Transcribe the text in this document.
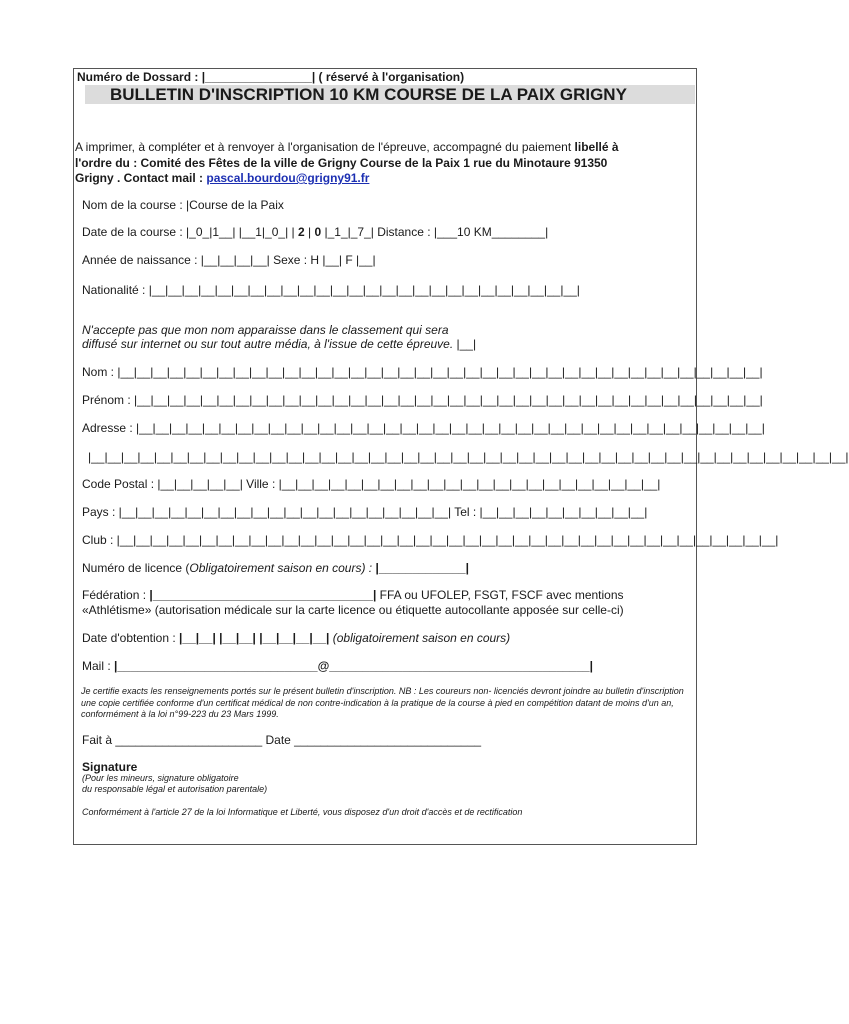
Numéro de Dossard : |________________| ( réservé à l'organisation)
BULLETIN D'INSCRIPTION 10 KM COURSE DE LA PAIX GRIGNY
A imprimer, à compléter et à renvoyer à l'organisation de l'épreuve, accompagné du paiement libellé à
l'ordre du : Comité des Fêtes de la ville de Grigny Course de la Paix 1 rue du Minotaure 91350
Grigny . Contact mail : pascal.bourdou@grigny91.fr
Nom de la course : |Course de la Paix
Date de la course : |_0_|1__| |__1|_0_| | 2 | 0 |_1_|_7_| Distance : |___10 KM________|
Année de naissance : |__|__|__|__| Sexe : H |__| F |__|
Nationalité : |__|__|__|__|__|__|__|__|__|__|__|__|__|__|__|__|__|__|__|__|__|__|__|__|__|__|
N'accepte pas que mon nom apparaisse dans le classement qui sera
diffusé sur internet ou sur tout autre média, à l'issue de cette épreuve. |__|
Nom : |__|__|__|__|__|__|__|__|__|__|__|__|__|__|__|__|__|__|__|__|__|__|__|__|__|__|__|__|__|__|__|__|__|__|__|__|__|__|__|
Prénom : |__|__|__|__|__|__|__|__|__|__|__|__|__|__|__|__|__|__|__|__|__|__|__|__|__|__|__|__|__|__|__|__|__|__|__|__|__|__|
Adresse : |__|__|__|__|__|__|__|__|__|__|__|__|__|__|__|__|__|__|__|__|__|__|__|__|__|__|__|__|__|__|__|__|__|__|__|__|__|__|
|__|__|__|__|__|__|__|__|__|__|__|__|__|__|__|__|__|__|__|__|__|__|__|__|__|__|__|__|__|__|__|__|__|__|__|__|__|__|__|__|__|__|__|__|__|__|
Code Postal : |__|__|__|__|__| Ville : |__|__|__|__|__|__|__|__|__|__|__|__|__|__|__|__|__|__|__|__|__|__|__|
Pays : |__|__|__|__|__|__|__|__|__|__|__|__|__|__|__|__|__|__|__|__| Tel : |__|__|__|__|__|__|__|__|__|__|
Club : |__|__|__|__|__|__|__|__|__|__|__|__|__|__|__|__|__|__|__|__|__|__|__|__|__|__|__|__|__|__|__|__|__|__|__|__|__|__|__|__|
Numéro de licence (Obligatoirement saison en cours) : |_____________|
Fédération : |_________________________________| FFA ou UFOLEP, FSGT, FSCF avec mentions
«Athlétisme» (autorisation médicale sur la carte licence ou étiquette autocollante apposée sur celle-ci)
Date d'obtention : |__|__| |__|__| |__|__|__|__| (obligatoirement saison en cours)
Mail : |______________________________@_______________________________________|
Je certifie exacts les renseignements portés sur le présent bulletin d'inscription. NB : Les coureurs non- licenciés devront joindre au bulletin d'inscription une copie certifiée conforme d'un certificat médical de non contre-indication à la pratique de la course à pied en compétition datant de moins d'un an, conformément à la loi n°99-223 du 23 Mars 1999.
Fait à ______________________ Date ____________________________
Signature
(Pour les mineurs, signature obligatoire
du responsable légal et autorisation parentale)
Conformément à l'article 27 de la loi Informatique et Liberté, vous disposez d'un droit d'accès et de rectification
